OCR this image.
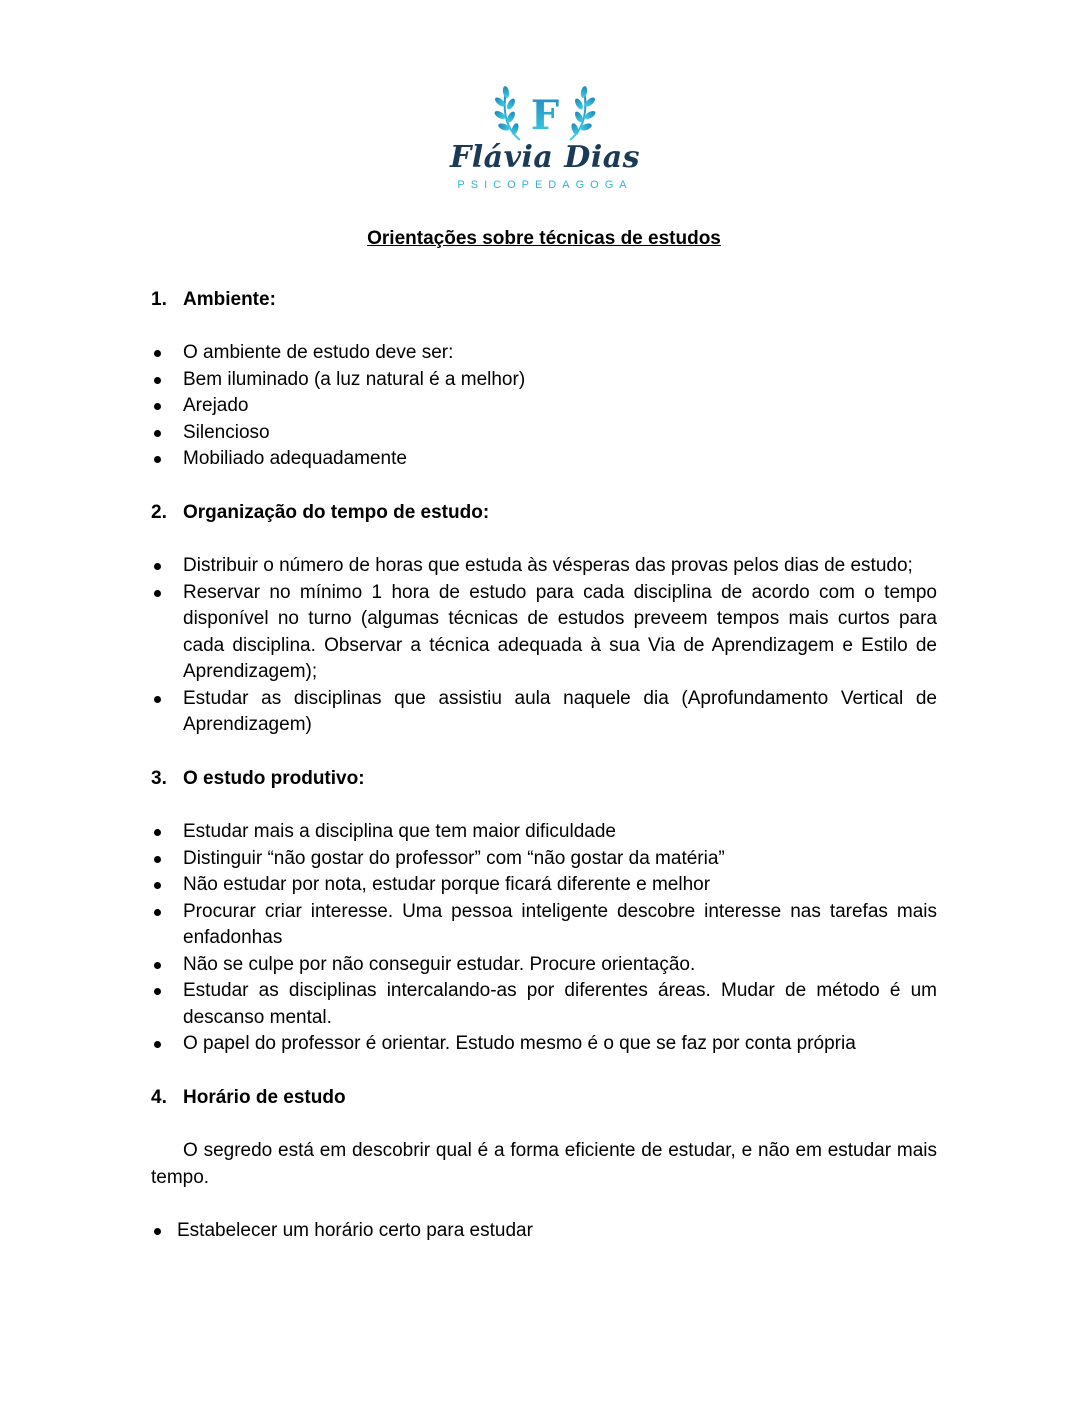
F
Flávia Dias
PSICOPEDAGOGA
Orientações sobre técnicas de estudos
1. Ambiente:
O ambiente de estudo deve ser:
Bem iluminado (a luz natural é a melhor)
Arejado
Silencioso
Mobiliado adequadamente
2. Organização do tempo de estudo:
Distribuir o número de horas que estuda às vésperas das provas pelos dias de estudo;
Reservar no mínimo 1 hora de estudo para cada disciplina de acordo com o tempo disponível no turno (algumas técnicas de estudos preveem tempos mais curtos para cada disciplina. Observar a técnica adequada à sua Via de Aprendizagem e Estilo de Aprendizagem);
Estudar as disciplinas que assistiu aula naquele dia (Aprofundamento Vertical de Aprendizagem)
3. O estudo produtivo:
Estudar mais a disciplina que tem maior dificuldade
Distinguir “não gostar do professor” com “não gostar da matéria”
Não estudar por nota, estudar porque ficará diferente e melhor
Procurar criar interesse. Uma pessoa inteligente descobre interesse nas tarefas mais enfadonhas
Não se culpe por não conseguir estudar. Procure orientação.
Estudar as disciplinas intercalando-as por diferentes áreas. Mudar de método é um descanso mental.
O papel do professor é orientar. Estudo mesmo é o que se faz por conta própria
4. Horário de estudo

O segredo está em descobrir qual é a forma eficiente de estudar, e não em estudar mais tempo.

Estabelecer um horário certo para estudar
